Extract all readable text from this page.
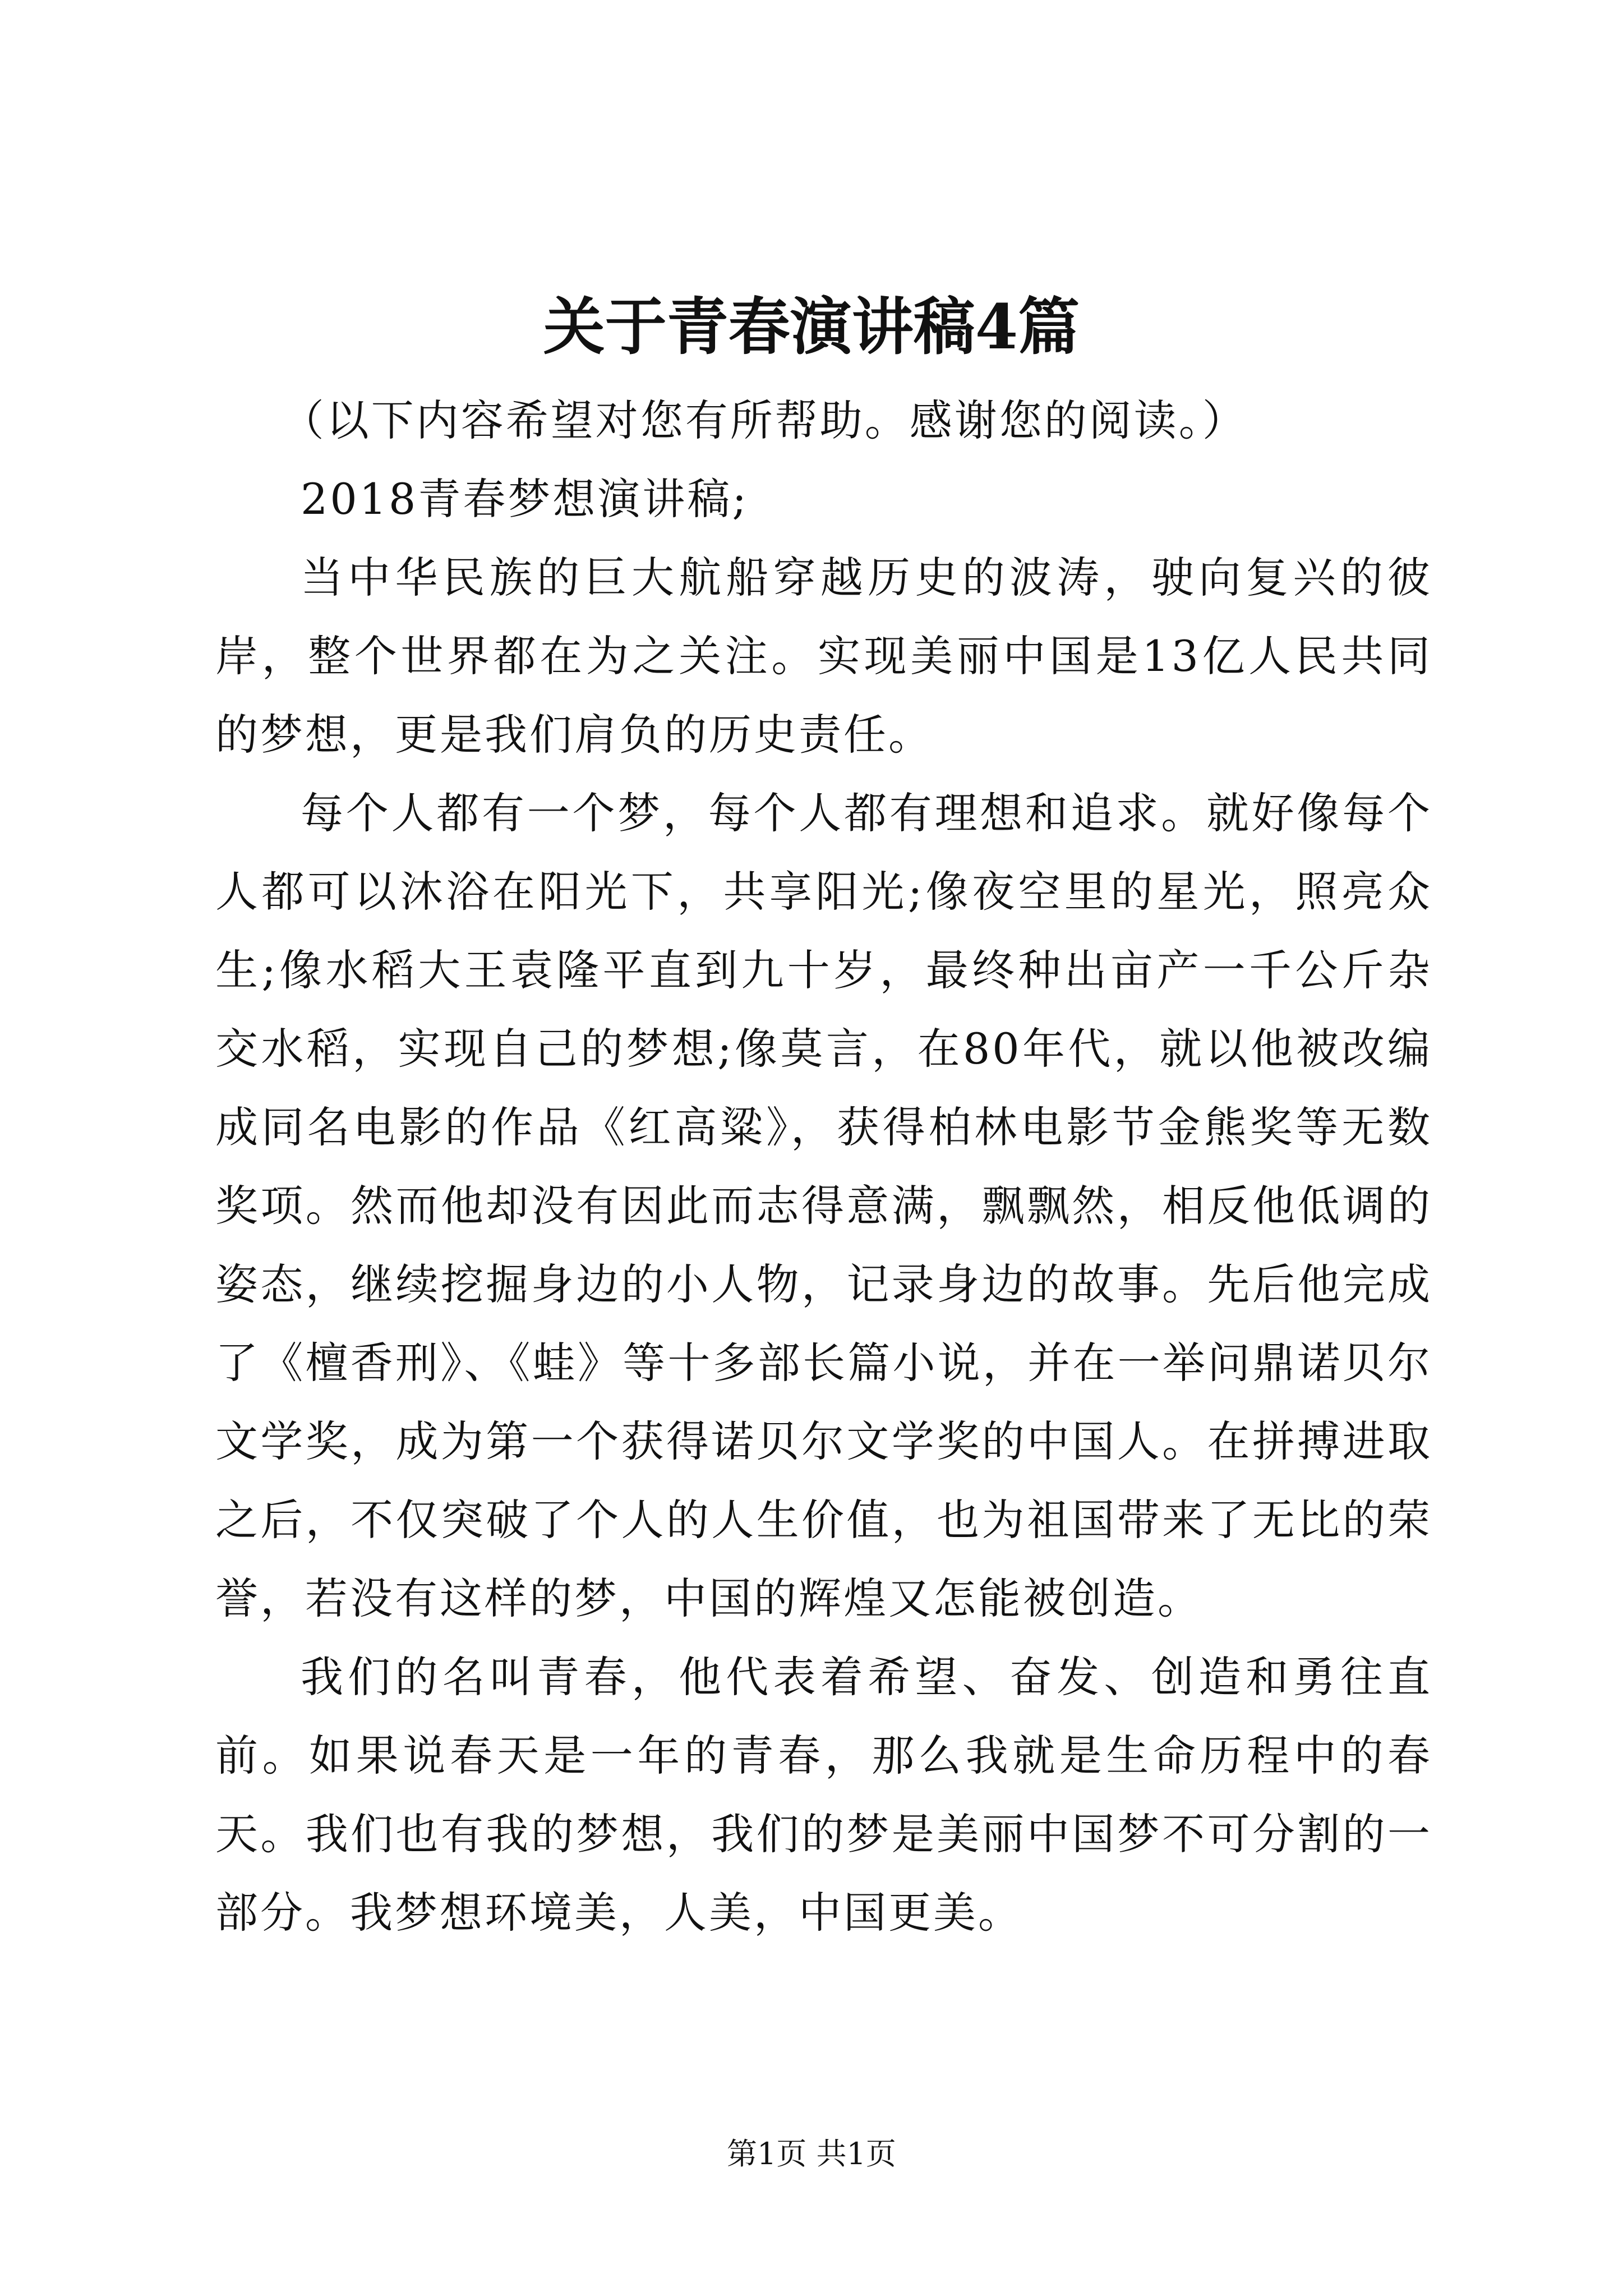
关于青春演讲稿4篇

（以下内容希望对您有所帮助。感谢您的阅读。）

2018青春梦想演讲稿;

当中华民族的巨大航船穿越历史的波涛，驶向复兴的彼岸，整个世界都在为之关注。实现美丽中国是13亿人民共同的梦想，更是我们肩负的历史责任。

每个人都有一个梦，每个人都有理想和追求。就好像每个人都可以沐浴在阳光下，共享阳光;像夜空里的星光，照亮众生;像水稻大王袁隆平直到九十岁，最终种出亩产一千公斤杂交水稻，实现自己的梦想;像莫言，在80年代，就以他被改编成同名电影的作品《红高粱》，获得柏林电影节金熊奖等无数奖项。然而他却没有因此而志得意满，飘飘然，相反他低调的姿态，继续挖掘身边的小人物，记录身边的故事。先后他完成了《檀香刑》、《蛙》等十多部长篇小说，并在一举问鼎诺贝尔文学奖，成为第一个获得诺贝尔文学奖的中国人。在拼搏进取之后，不仅突破了个人的人生价值，也为祖国带来了无比的荣誉，若没有这样的梦，中国的辉煌又怎能被创造。

我们的名叫青春，他代表着希望、奋发、创造和勇往直前。如果说春天是一年的青春，那么我就是生命历程中的春天。我们也有我的梦想，我们的梦是美丽中国梦不可分割的一部分。我梦想环境美，人美，中国更美。

第1页 共1页
